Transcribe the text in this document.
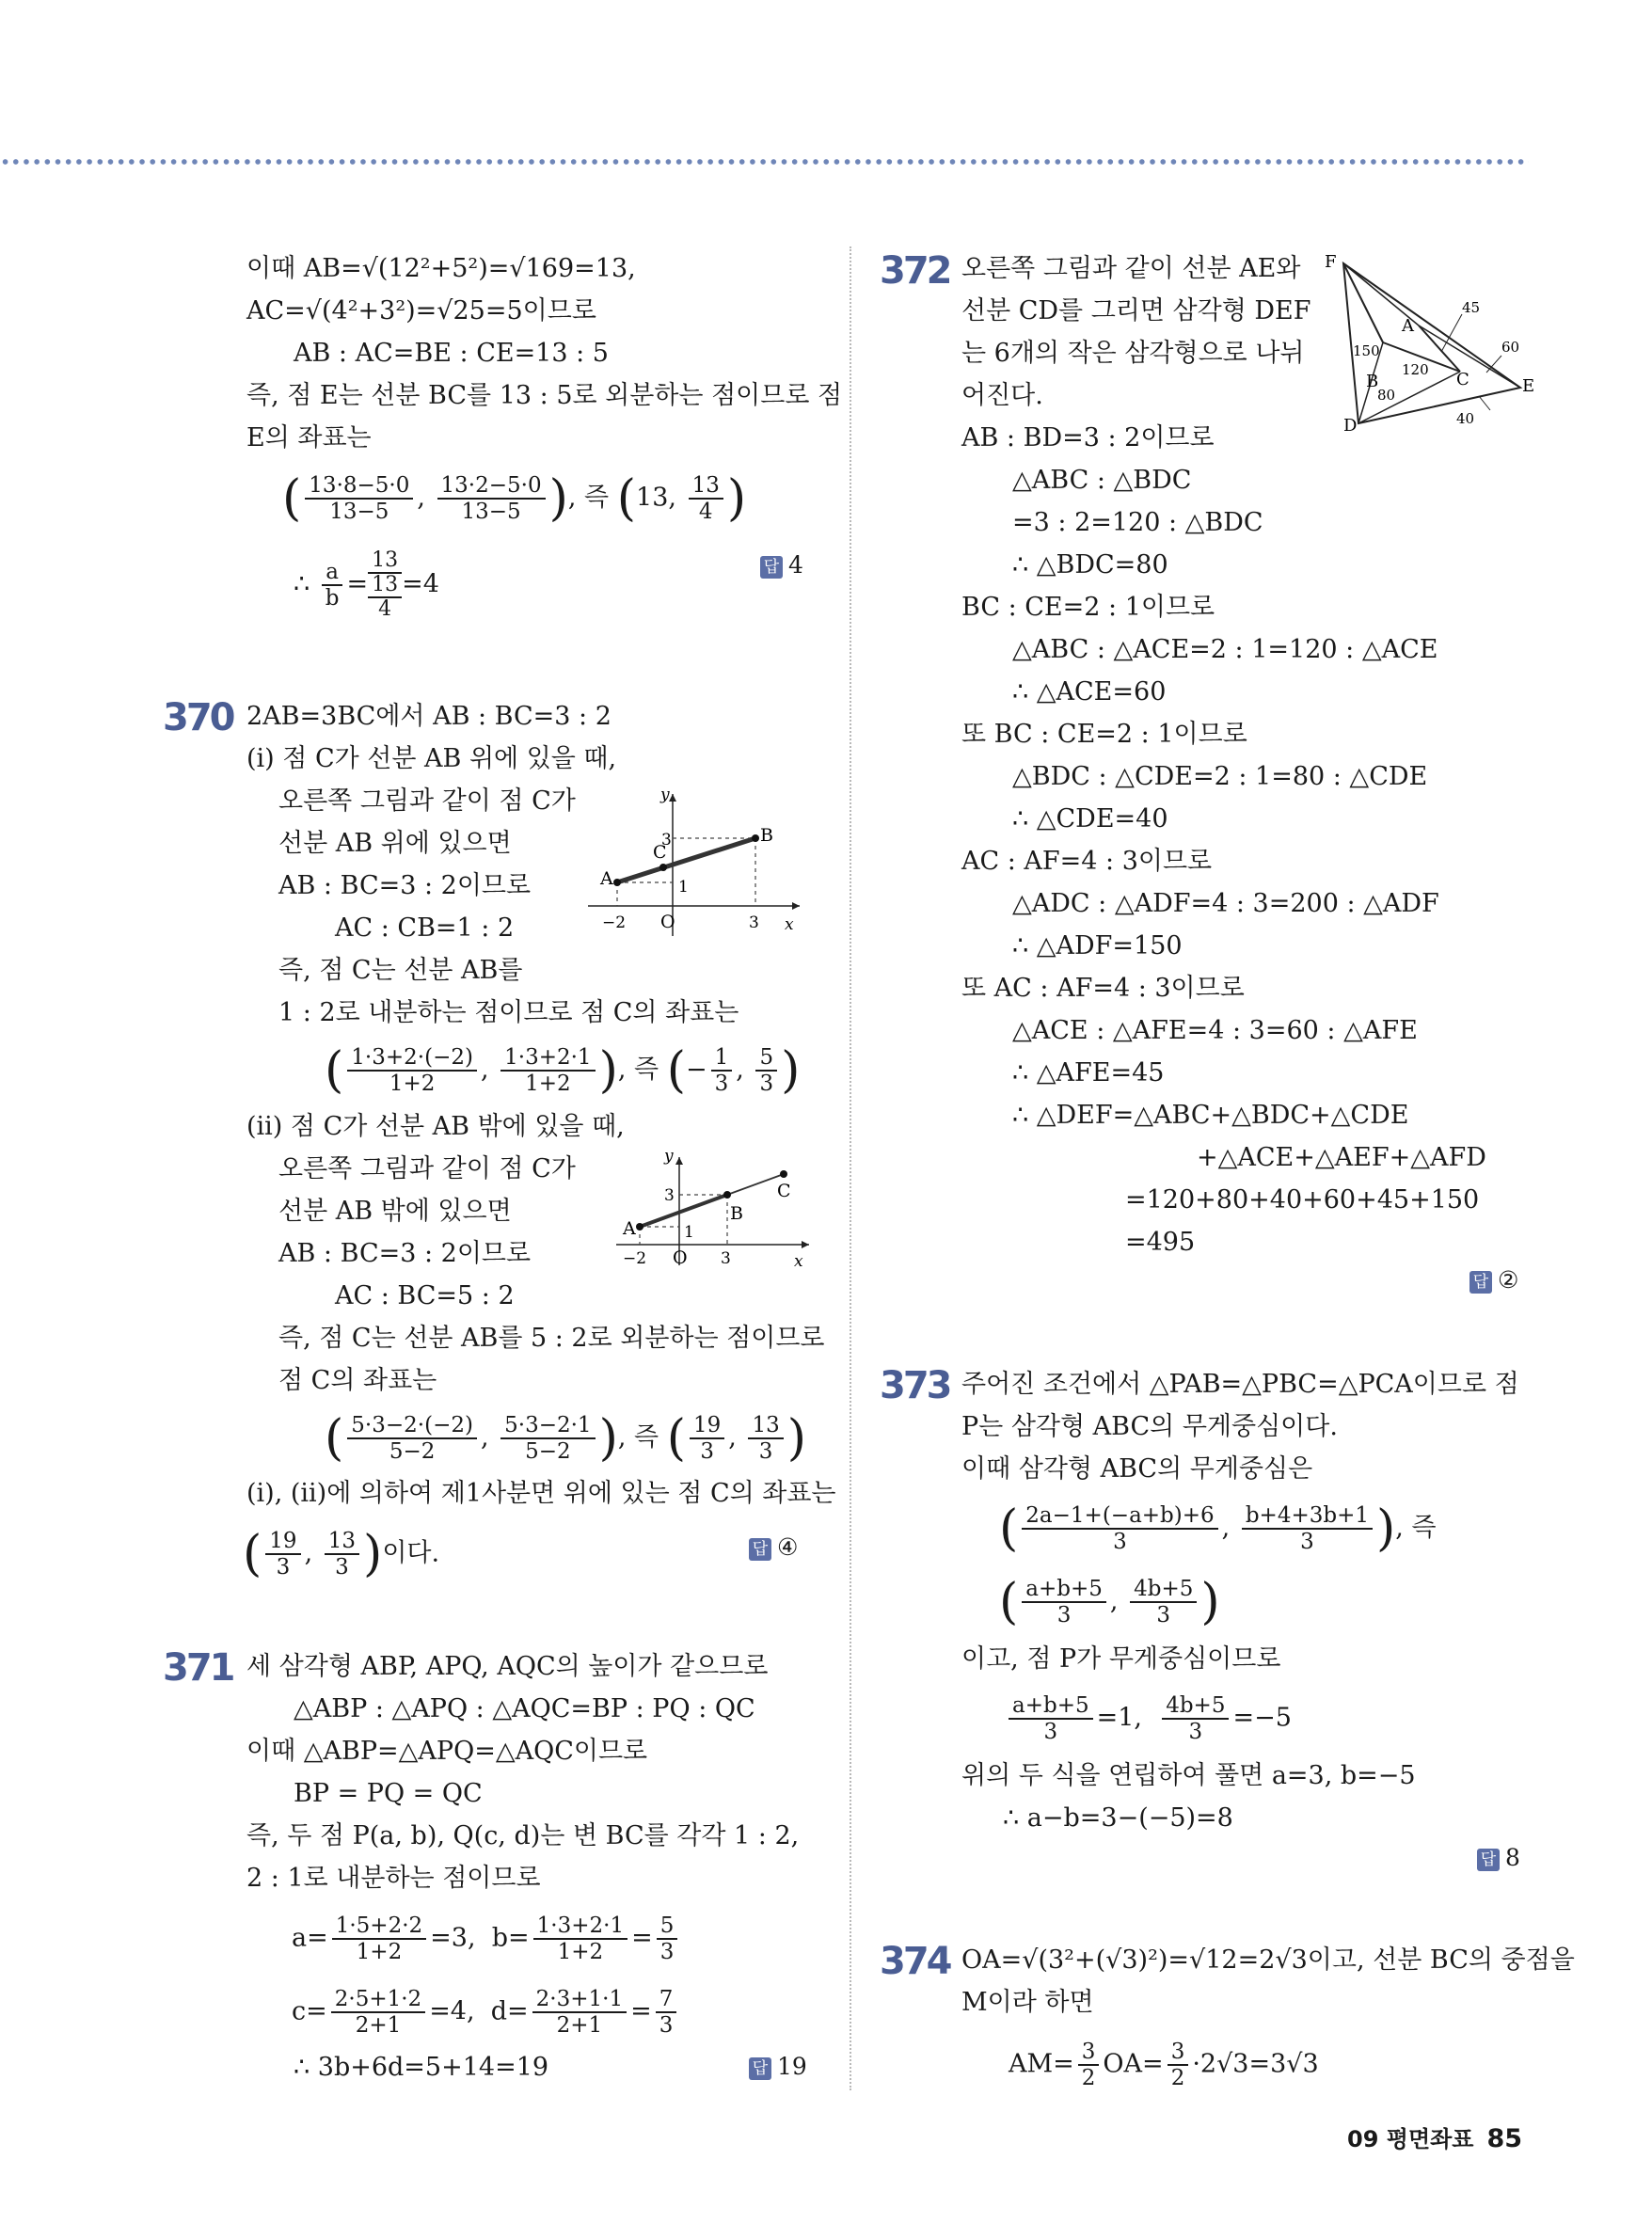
이때 AB=√(12²+5²)=√169=13,
AC=√(4²+3²)=√25=5이므로
AB : AC=BE : CE=13 : 5
즉, 점 E는 선분 BC를 13 : 5로 외분하는 점이므로 점
E의 좌표는
( $\frac{13\cdot 8-5\cdot 0}{13-5}$ , $\frac{13\cdot 2-5\cdot 0}{13-5}$ ), 즉 (13, $\frac{13}{4}$ )
∴ $\frac{a}{b}$ =
13
13
4
=4
답 4
370 2AB=3BC에서 AB : BC=3 : 2
(ⅰ) 점 C가 선분 AB 위에 있을 때,
오른쪽 그림과 같이 점 C가
선분 AB 위에 있으면
AB : BC=3 : 2이므로
AC : CB=1 : 2
즉, 점 C는 선분 AB를
1 : 2로 내분하는 점이므로 점 C의 좌표는
( $\frac{1\cdot 3+2\cdot(-2)}{1+2}$ , $\frac{1\cdot 3+2\cdot 1}{1+2}$ ), 즉 (− $\frac{1}{3}$ , $\frac{5}{3}$ )
(ⅱ) 점 C가 선분 AB 밖에 있을 때,
오른쪽 그림과 같이 점 C가
선분 AB 밖에 있으면
AB : BC=3 : 2이므로
AC : BC=5 : 2
즉, 점 C는 선분 AB를 5 : 2로 외분하는 점이므로
점 C의 좌표는
( $\frac{5\cdot 3-2\cdot(-2)}{5-2}$ , $\frac{5\cdot 3-2\cdot 1}{5-2}$ ), 즉 ( $\frac{19}{3}$ , $\frac{13}{3}$ )
(ⅰ), (ⅱ)에 의하여 제1사분면 위에 있는 점 C의 좌표는
( $\frac{19}{3}$ , $\frac{13}{3}$ )이다.	답 ④
A
B
C
O
y
x
3
1
−2	3
A
B
C
O
y
x
3
1
−2	3
371 세 삼각형 ABP, APQ, AQC의 높이가 같으므로
△ABP : △APQ : △AQC=BP : PQ : QC
이때 △ABP=△APQ=△AQC이므로
BP = PQ = QC
즉, 두 점 P(a, b), Q(c, d)는 변 BC를 각각 1 : 2,
2 : 1로 내분하는 점이므로
$a= \frac{1\cdot 5+2\cdot 2}{1+2} =3$, $b= \frac{1\cdot 3+2\cdot 1}{1+2} = \frac{5}{3}$
$c= \frac{2\cdot 5+1\cdot 2}{2+1} =4$, $d= \frac{2\cdot 3+1\cdot 1}{2+1} = \frac{7}{3}$
∴ 3b+6d=5+14=19	답 19
372 오른쪽 그림과 같이 선분 AE와
선분 CD를 그리면 삼각형 DEF
는 6개의 작은 삼각형으로 나뉘
어진다.
AB : BD=3 : 2이므로
△ABC : △BDC
=3 : 2=120 : △BDC
∴ △BDC=80
BC : CE=2 : 1이므로
△ABC : △ACE=2 : 1=120 : △ACE
∴ △ACE=60
또 BC : CE=2 : 1이므로
△BDC : △CDE=2 : 1=80 : △CDE
∴ △CDE=40
AC : AF=4 : 3이므로
△ADC : △ADF=4 : 3=200 : △ADF
∴ △ADF=150
또 AC : AF=4 : 3이므로
△ACE : △AFE=4 : 3=60 : △AFE
∴ △AFE=45
∴ △DEF=△ABC+△BDC+△CDE
+△ACE+△AEF+△AFD
=120+80+40+60+45+150
=495
답 ②
F
A
B	C
D
E
45
60
150
120
80
40
373 주어진 조건에서 △PAB=△PBC=△PCA이므로 점
P는 삼각형 ABC의 무게중심이다.
이때 삼각형 ABC의 무게중심은
( $\frac{2a-1+(-a+b)+6}{3}$ , $\frac{b+4+3b+1}{3}$ ), 즉
( $\frac{a+b+5}{3}$ , $\frac{4b+5}{3}$ )
이고, 점 P가 무게중심이므로
$\frac{a+b+5}{3} =1$, $\frac{4b+5}{3} =-5$
위의 두 식을 연립하여 풀면 a=3, b=−5
∴ a−b=3−(−5)=8
답 8
374 OA=√(3²+(√3)²)=√12=2√3이고, 선분 BC의 중점을
M이라 하면
$AM= \frac{3}{2} OA= \frac{3}{2} \cdot 2√3=3√3$
09 평면좌표 85
